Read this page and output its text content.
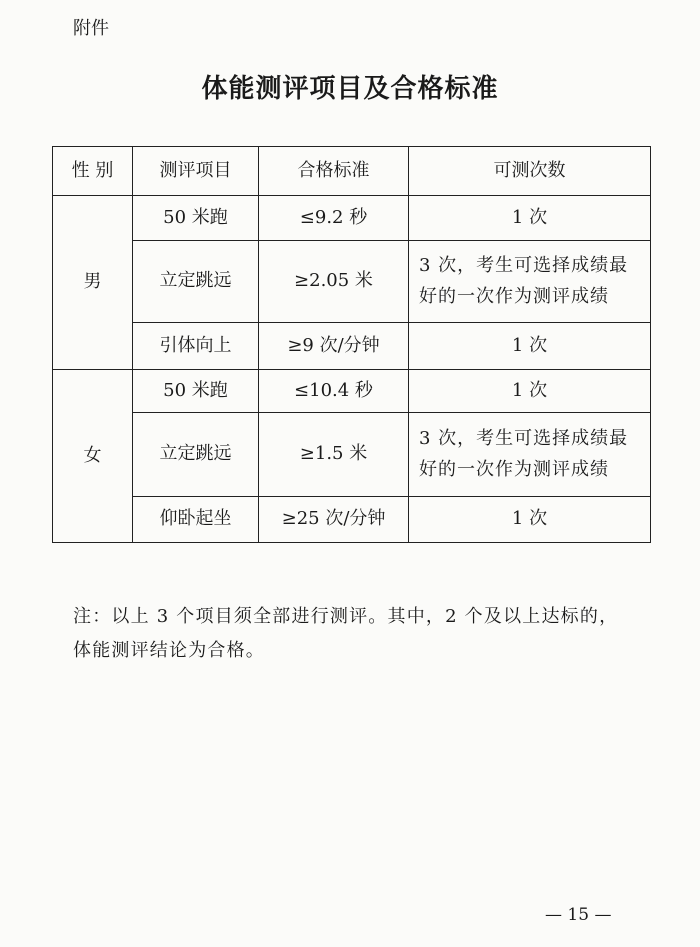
附件
体能测评项目及合格标准
性 别	测评项目	合格标准	可测次数
男	50 米跑	≤9.2 秒	1 次
	立定跳远	≥2.05 米	3 次，考生可选择成绩最好的一次作为测评成绩
	引体向上	≥9 次/分钟	1 次
女	50 米跑	≤10.4 秒	1 次
	立定跳远	≥1.5 米	3 次，考生可选择成绩最好的一次作为测评成绩
	仰卧起坐	≥25 次/分钟	1 次
注：以上 3 个项目须全部进行测评。其中，2 个及以上达标的，体能测评结论为合格。
— 15 —
